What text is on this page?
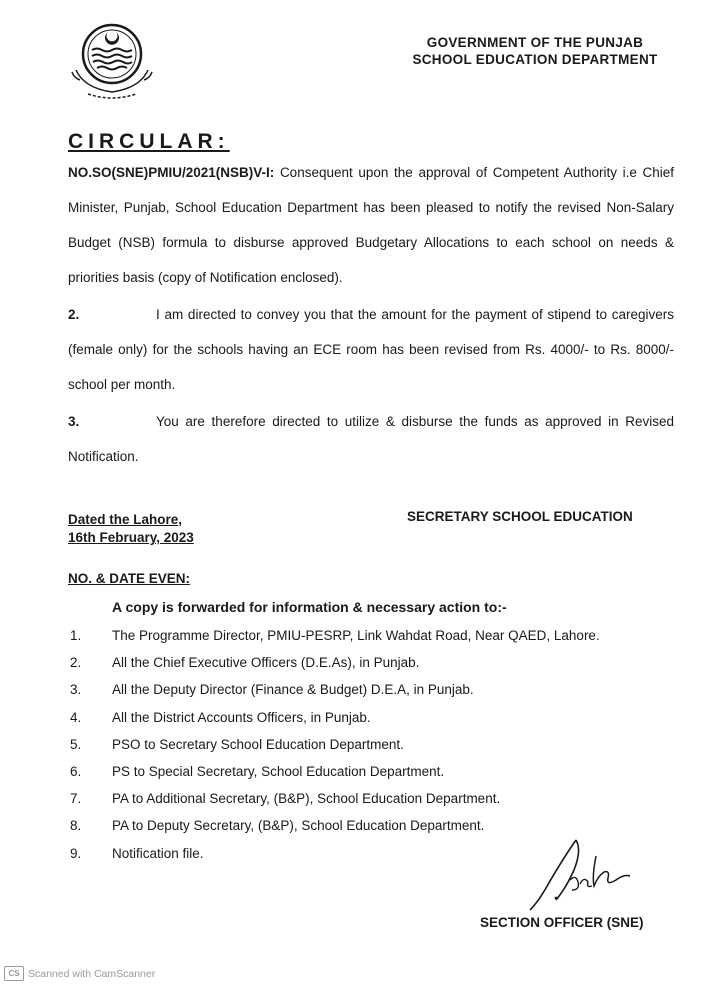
GOVERNMENT OF THE PUNJAB
SCHOOL EDUCATION DEPARTMENT
CIRCULAR:
NO.SO(SNE)PMIU/2021(NSB)V-I: Consequent upon the approval of Competent Authority i.e Chief Minister, Punjab, School Education Department has been pleased to notify the revised Non-Salary Budget (NSB) formula to disburse approved Budgetary Allocations to each school on needs & priorities basis (copy of Notification enclosed).
2.	I am directed to convey you that the amount for the payment of stipend to caregivers (female only) for the schools having an ECE room has been revised from Rs. 4000/- to Rs. 8000/- school per month.
3.	You are therefore directed to utilize & disburse the funds as approved in Revised Notification.
Dated the Lahore,
16th February, 2023
SECRETARY SCHOOL EDUCATION
NO. & DATE EVEN:
A copy is forwarded for information & necessary action to:-
1. The Programme Director, PMIU-PESRP, Link Wahdat Road, Near QAED, Lahore.
2. All the Chief Executive Officers (D.E.As), in Punjab.
3. All the Deputy Director (Finance & Budget) D.E.A, in Punjab.
4. All the District Accounts Officers, in Punjab.
5. PSO to Secretary School Education Department.
6. PS to Special Secretary, School Education Department.
7. PA to Additional Secretary, (B&P), School Education Department.
8. PA to Deputy Secretary, (B&P), School Education Department.
9. Notification file.
SECTION OFFICER (SNE)
CS Scanned with CamScanner
